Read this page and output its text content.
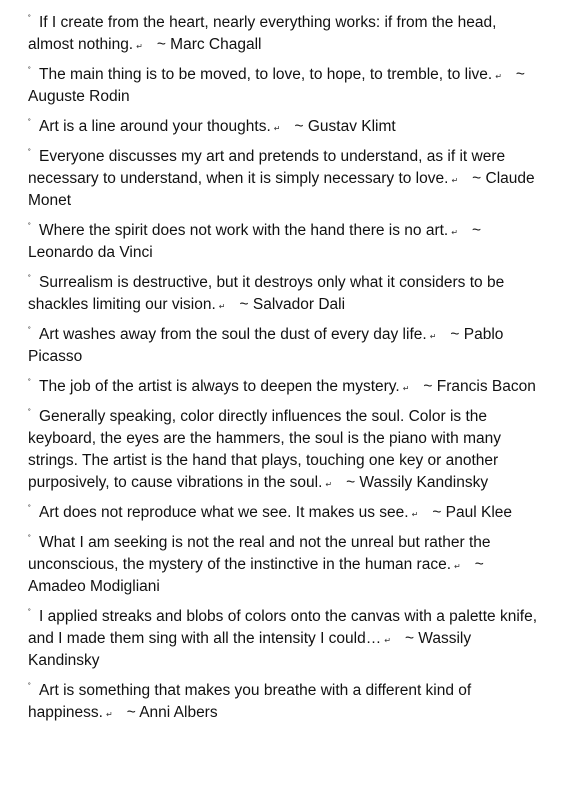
˚ If I create from the heart, nearly everything works: if from the head, almost nothing. ↵ ~ Marc Chagall
˚ The main thing is to be moved, to love, to hope, to tremble, to live. ↵ ~ Auguste Rodin
˚ Art is a line around your thoughts. ↵ ~ Gustav Klimt
˚ Everyone discusses my art and pretends to understand, as if it were necessary to understand, when it is simply necessary to love. ↵ ~ Claude Monet
˚ Where the spirit does not work with the hand there is no art. ↵ ~ Leonardo da Vinci
˚ Surrealism is destructive, but it destroys only what it considers to be shackles limiting our vision. ↵ ~ Salvador Dali
˚ Art washes away from the soul the dust of every day life. ↵ ~ Pablo Picasso
˚ The job of the artist is always to deepen the mystery. ↵ ~ Francis Bacon
˚ Generally speaking, color directly influences the soul. Color is the keyboard, the eyes are the hammers, the soul is the piano with many strings. The artist is the hand that plays, touching one key or another purposively, to cause vibrations in the soul. ↵ ~ Wassily Kandinsky
˚ Art does not reproduce what we see. It makes us see. ↵ ~ Paul Klee
˚ What I am seeking is not the real and not the unreal but rather the unconscious, the mystery of the instinctive in the human race. ↵ ~ Amadeo Modigliani
˚ I applied streaks and blobs of colors onto the canvas with a palette knife, and I made them sing with all the intensity I could… ↵ ~ Wassily Kandinsky
˚ Art is something that makes you breathe with a different kind of happiness. ↵ ~ Anni Albers
